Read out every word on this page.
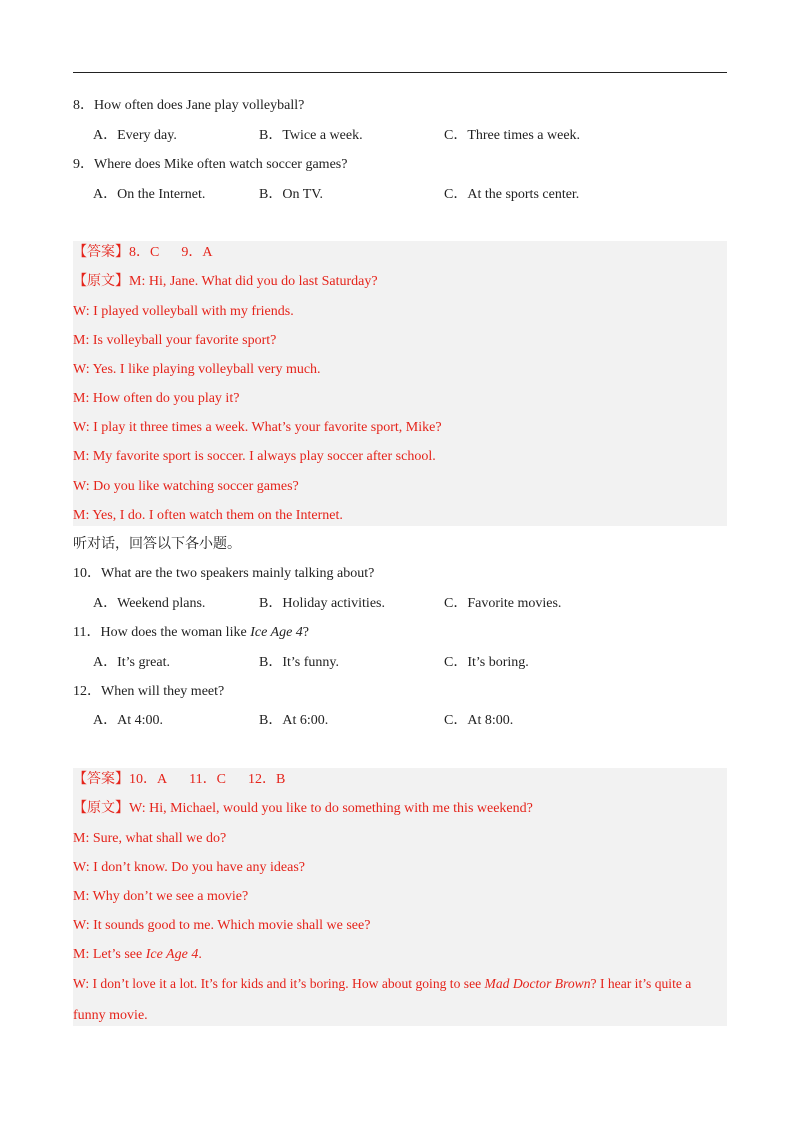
8．How often does Jane play volleyball?
A．Every day.	B．Twice a week.	C．Three times a week.
9．Where does Mike often watch soccer games?
A．On the Internet.	B．On TV.	C．At the sports center.
【答案】8．C 9．A
【原文】M: Hi, Jane. What did you do last Saturday?
W: I played volleyball with my friends.
M: Is volleyball your favorite sport?
W: Yes. I like playing volleyball very much.
M: How often do you play it?
W: I play it three times a week. What’s your favorite sport, Mike?
M: My favorite sport is soccer. I always play soccer after school.
W: Do you like watching soccer games?
M: Yes, I do. I often watch them on the Internet.
听对话，回答以下各小题。
10．What are the two speakers mainly talking about?
A．Weekend plans.	B．Holiday activities.	C．Favorite movies.
11．How does the woman like Ice Age 4?
A．It’s great.	B．It’s funny.	C．It’s boring.
12．When will they meet?
A．At 4:00.	B．At 6:00.	C．At 8:00.
【答案】10．A 11．C 12．B
【原文】W: Hi, Michael, would you like to do something with me this weekend?
M: Sure, what shall we do?
W: I don’t know. Do you have any ideas?
M: Why don’t we see a movie?
W: It sounds good to me. Which movie shall we see?
M: Let’s see Ice Age 4.
W: I don’t love it a lot. It’s for kids and it’s boring. How about going to see Mad Doctor Brown? I hear it’s quite a
funny movie.
